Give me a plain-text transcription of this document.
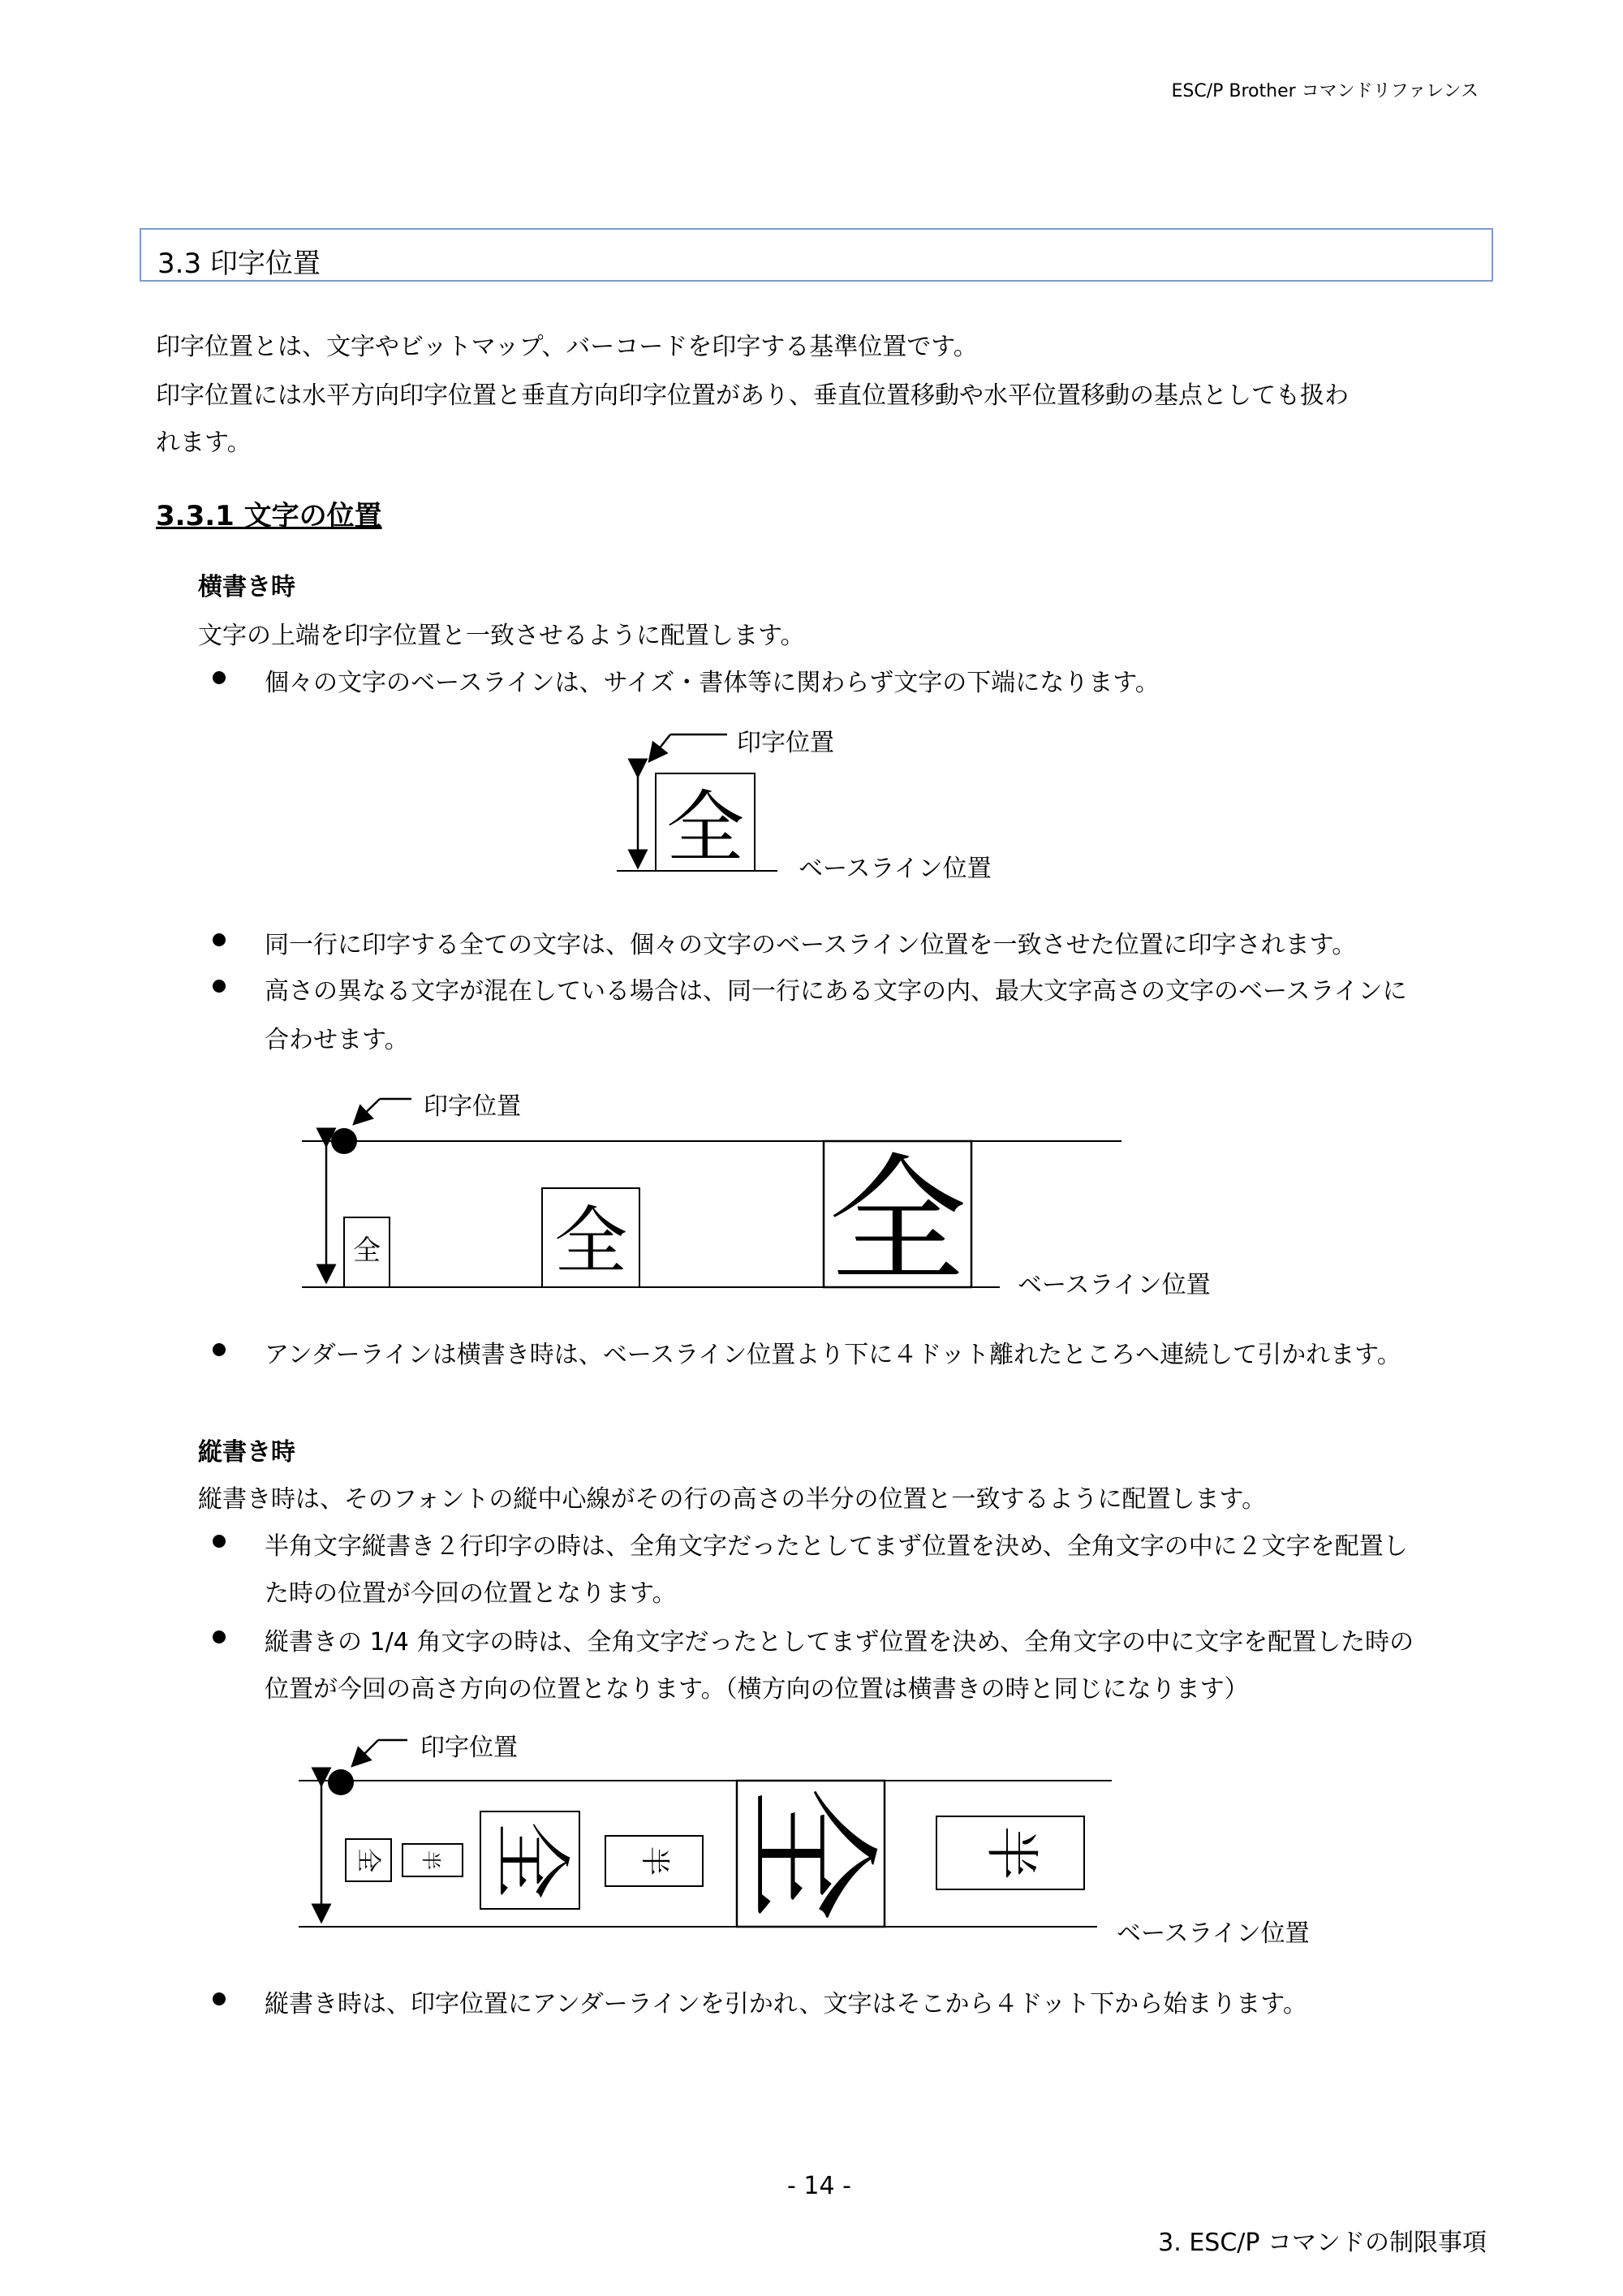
ESC/P Brother コマンドリファレンス
3.3 印字位置
印字位置とは、文字やビットマップ、バーコードを印字する基準位置です。
印字位置には水平方向印字位置と垂直方向印字位置があり、垂直位置移動や水平位置移動の基点としても扱わ
れます。
3.3.1 文字の位置
横書き時
文字の上端を印字位置と一致させるように配置します。
個々の文字のベースラインは、サイズ・書体等に関わらず文字の下端になります。
印字位置
ベースライン位置
同一行に印字する全ての文字は、個々の文字のベースライン位置を一致させた位置に印字されます。
高さの異なる文字が混在している場合は、同一行にある文字の内、最大文字高さの文字のベースラインに
合わせます。
印字位置
ベースライン位置
アンダーラインは横書き時は、ベースライン位置より下に４ドット離れたところへ連続して引かれます。
縦書き時
縦書き時は、そのフォントの縦中心線がその行の高さの半分の位置と一致するように配置します。
半角文字縦書き２行印字の時は、全角文字だったとしてまず位置を決め、全角文字の中に２文字を配置し
た時の位置が今回の位置となります。
縦書きの 1/4 角文字の時は、全角文字だったとしてまず位置を決め、全角文字の中に文字を配置した時の
位置が今回の高さ方向の位置となります。（横方向の位置は横書きの時と同じになります）
印字位置
ベースライン位置
縦書き時は、印字位置にアンダーラインを引かれ、文字はそこから４ドット下から始まります。
- 14 -
3. ESC/P コマンドの制限事項
全
全 全 全
全 半 全 半 全 半
